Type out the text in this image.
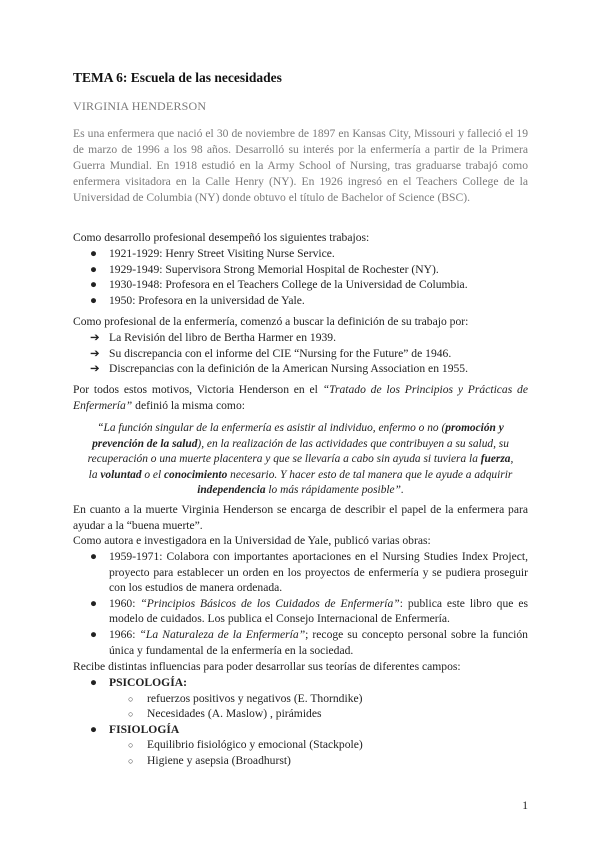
TEMA 6: Escuela de las necesidades
VIRGINIA HENDERSON

Es una enfermera que nació el 30 de noviembre de 1897 en Kansas City, Missouri y falleció el 19 de marzo de 1996 a los 98 años. Desarrolló su interés por la enfermería a partir de la Primera Guerra Mundial. En 1918 estudió en la Army School of Nursing, tras graduarse trabajó como enfermera visitadora en la Calle Henry (NY). En 1926 ingresó en el Teachers College de la Universidad de Columbia (NY) donde obtuvo el título de Bachelor of Science (BSC).

Como desarrollo profesional desempeñó los siguientes trabajos:

● 1921-1929: Henry Street Visiting Nurse Service.
● 1929-1949: Supervisora Strong Memorial Hospital de Rochester (NY).
● 1930-1948: Profesora en el Teachers College de la Universidad de Columbia.
● 1950: Profesora en la universidad de Yale.

Como profesional de la enfermería, comenzó a buscar la definición de su trabajo por:

➔ La Revisión del libro de Bertha Harmer en 1939.
➔ Su discrepancia con el informe del CIE “Nursing for the Future” de 1946.
➔ Discrepancias con la definición de la American Nursing Association en 1955.

Por todos estos motivos, Victoria Henderson en el “Tratado de los Principios y Prácticas de Enfermería” definió la misma como:

“La función singular de la enfermería es asistir al individuo, enfermo o no (promoción y prevención de la salud), en la realización de las actividades que contribuyen a su salud, su recuperación o una muerte placentera y que se llevaría a cabo sin ayuda si tuviera la fuerza, la voluntad o el conocimiento necesario. Y hacer esto de tal manera que le ayude a adquirir independencia lo más rápidamente posible”.

En cuanto a la muerte Virginia Henderson se encarga de describir el papel de la enfermera para ayudar a la “buena muerte”.

Como autora e investigadora en la Universidad de Yale, publicó varias obras:

● 1959-1971: Colabora con importantes aportaciones en el Nursing Studies Index Project, proyecto para establecer un orden en los proyectos de enfermería y se pudiera proseguir con los estudios de manera ordenada.
● 1960: “Principios Básicos de los Cuidados de Enfermería”: publica este libro que es modelo de cuidados. Los publica el Consejo Internacional de Enfermería.
● 1966: “La Naturaleza de la Enfermería”; recoge su concepto personal sobre la función única y fundamental de la enfermería en la sociedad.

Recibe distintas influencias para poder desarrollar sus teorías de diferentes campos:

● PSICOLOGÍA:
○ refuerzos positivos y negativos (E. Thorndike)
○ Necesidades (A. Maslow) , pirámides
● FISIOLOGÍA
○ Equilibrio fisiológico y emocional (Stackpole)
○ Higiene y asepsia (Broadhurst)
1
